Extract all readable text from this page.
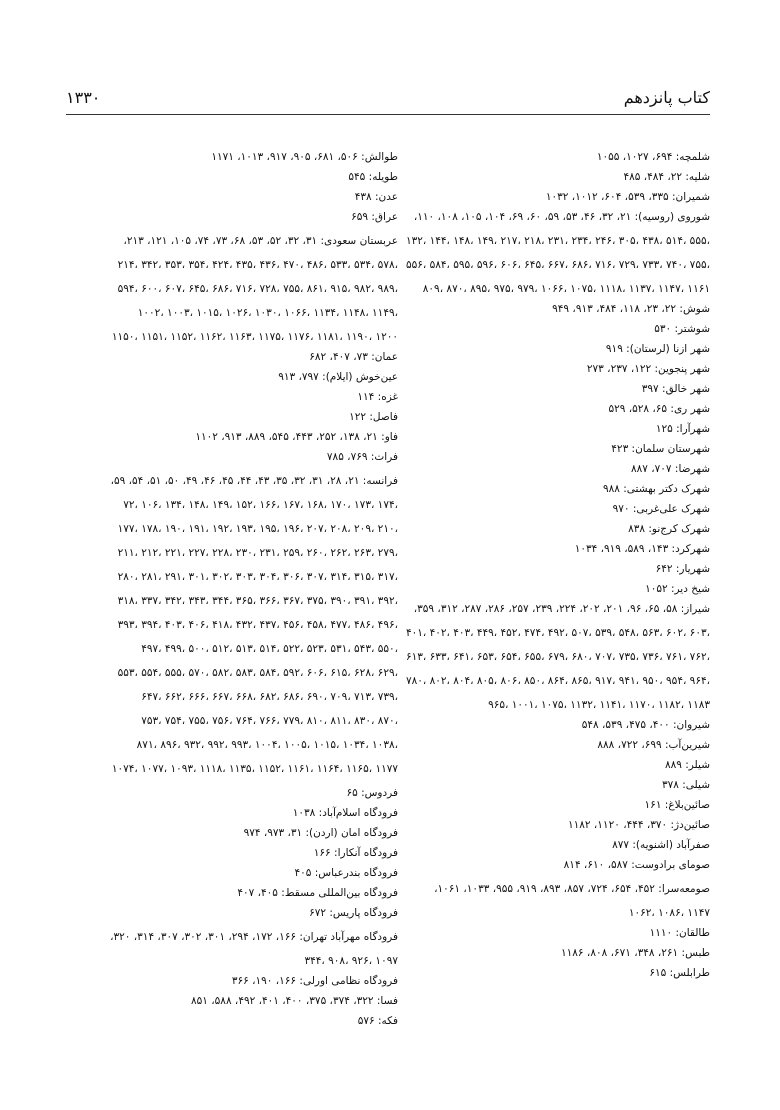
کتاب پانزدهم
۱۳۳۰
شلمچه: ۶۹۴، ۱۰۲۷، ۱۰۵۵
شلیه: ۲۲، ۴۸۴، ۴۸۵
شمیران: ۳۳۵، ۵۳۹، ۶۰۴، ۱۰۱۲، ۱۰۳۲
شوروی (روسیه): ۲۱، ۳۲، ۴۶، ۵۳، ۵۹، ۶۰، ۶۹، ۱۰۴، ۱۰۵، ۱۰۸، ۱۱۰،
۱۳۲، ۱۴۴، ۱۴۸، ۱۴۹، ۲۱۷، ۲۱۸، ۲۳۱، ۲۳۴، ۲۴۶، ۳۰۵، ۴۳۸، ۵۱۴، ۵۵۵،
۵۵۶، ۵۸۴، ۵۹۵، ۵۹۶، ۶۰۶، ۶۴۵، ۶۶۷، ۶۸۶، ۷۱۶، ۷۲۹، ۷۳۳، ۷۴۰، ۷۵۵،
۸۰۹، ۸۷۰، ۸۹۵، ۹۷۵، ۹۷۹، ۱۰۶۶، ۱۰۷۵، ۱۱۱۸، ۱۱۳۷، ۱۱۴۷، ۱۱۶۱
شوش: ۲۲، ۲۳، ۱۱۸، ۴۸۴، ۹۱۳، ۹۴۹
شوشتر: ۵۳۰
شهر ازنا (لرستان): ۹۱۹
شهر پنجوین: ۱۲۲، ۲۳۷، ۲۷۳
شهر خالق: ۳۹۷
شهر ری: ۶۵، ۵۲۸، ۵۲۹
شهرآرا: ۱۲۵
شهرستان سلمان: ۴۲۳
شهرضا: ۷۰۷، ۸۸۷
شهرک دکتر بهشتی: ۹۸۸
شهرک علی‌غربی: ۹۷۰
شهرک کرج‌نو: ۸۳۸
شهرکرد: ۱۴۳، ۵۸۹، ۹۱۹، ۱۰۳۴
شهریار: ۶۴۲
شیخ دیر: ۱۰۵۲
شیراز: ۵۸، ۶۵، ۹۶، ۲۰۱، ۲۰۲، ۲۲۴، ۲۳۹، ۲۵۷، ۲۸۶، ۲۸۷، ۳۱۲، ۳۵۹،
۴۰۱، ۴۰۲، ۴۰۳، ۴۴۹، ۴۵۲، ۴۷۴، ۴۹۲، ۵۰۷، ۵۳۹، ۵۴۸، ۵۶۳، ۶۰۲، ۶۰۳،
۶۱۳، ۶۳۳، ۶۴۱، ۶۵۳، ۶۵۴، ۶۵۵، ۶۷۹، ۶۸۰، ۷۰۷، ۷۳۵، ۷۳۶، ۷۶۱، ۷۶۲،
۷۸۰، ۸۰۲، ۸۰۴، ۸۰۵، ۸۰۶، ۸۵۰، ۸۶۴، ۸۶۵، ۹۱۷، ۹۴۱، ۹۵۰، ۹۵۴، ۹۶۴،
۹۶۵، ۱۰۰۱، ۱۰۷۵، ۱۱۳۲، ۱۱۴۱، ۱۱۷۰، ۱۱۸۲، ۱۱۸۳
شیروان: ۴۰۰، ۴۷۵، ۵۳۹، ۵۴۸
شیرین‌آب: ۶۹۹، ۷۲۲، ۸۸۸
شیلر: ۸۸۹
شیلی: ۳۷۸
صائین‌بلاغ: ۱۶۱
صائین‌دژ: ۳۷۰، ۴۴۴، ۱۱۲۰، ۱۱۸۲
صفرآباد (اشنویه): ۸۷۷
صومای برادوست: ۵۸۷، ۶۱۰، ۸۱۴
صومعه‌سرا: ۴۵۲، ۶۵۴، ۷۲۴، ۸۵۷، ۸۹۳، ۹۱۹، ۹۵۵، ۱۰۳۳، ۱۰۶۱،
۱۰۶۲، ۱۰۸۶، ۱۱۴۷
طالقان: ۱۱۱۰
طبس: ۲۶۱، ۳۴۸، ۶۷۱، ۸۰۸، ۱۱۸۶
طرابلس: ۶۱۵
طوالش: ۵۰۶، ۶۸۱، ۹۰۵، ۹۱۷، ۱۰۱۳، ۱۱۷۱
طویله: ۵۴۵
عدن: ۴۳۸
عراق: ۶۵۹
عربستان سعودی: ۳۱، ۳۲، ۵۲، ۵۳، ۶۸، ۷۳، ۷۴، ۱۰۵، ۱۲۱، ۲۱۳،
۲۱۴، ۳۴۲، ۳۵۳، ۳۵۴، ۴۲۴، ۴۳۵، ۴۳۶، ۴۷۰، ۴۸۶، ۵۳۳، ۵۳۴، ۵۷۸،
۵۹۴، ۶۰۰، ۶۰۷، ۶۴۵، ۶۸۶، ۷۱۶، ۷۲۸، ۷۵۵، ۸۶۱، ۹۱۵، ۹۸۲، ۹۸۹،
۱۰۰۲، ۱۰۰۳، ۱۰۱۵، ۱۰۲۶، ۱۰۳۰، ۱۰۶۶، ۱۱۳۴، ۱۱۴۸، ۱۱۴۹،
۱۱۵۰، ۱۱۵۱، ۱۱۵۲، ۱۱۶۲، ۱۱۶۳، ۱۱۷۵، ۱۱۷۶، ۱۱۸۱، ۱۱۹۰، ۱۲۰۰
عمان: ۷۳، ۴۰۷، ۶۸۲
عین‌خوش (ایلام): ۷۹۷، ۹۱۳
غزه: ۱۱۴
فاصل: ۱۲۲
فاو: ۲۱، ۱۳۸، ۲۵۲، ۴۴۳، ۵۴۵، ۸۸۹، ۹۱۳، ۱۱۰۲
فرات: ۷۶۹، ۷۸۵
فرانسه: ۲۱، ۲۸، ۳۱، ۳۲، ۳۵، ۴۳، ۴۴، ۴۵، ۴۶، ۴۹، ۵۰، ۵۱، ۵۴، ۵۹،
۷۲، ۱۰۶، ۱۳۴، ۱۴۸، ۱۴۹، ۱۵۲، ۱۶۶، ۱۶۷، ۱۶۸، ۱۷۰، ۱۷۳، ۱۷۴،
۱۷۷، ۱۷۸، ۱۹۰، ۱۹۱، ۱۹۲، ۱۹۳، ۱۹۵، ۱۹۶، ۲۰۷، ۲۰۸، ۲۰۹، ۲۱۰،
۲۱۱، ۲۱۲، ۲۲۱، ۲۲۷، ۲۲۸، ۲۳۰، ۲۳۱، ۲۵۹، ۲۶۰، ۲۶۲، ۲۶۳، ۲۷۹،
۲۸۰، ۲۸۱، ۲۹۱، ۳۰۱، ۳۰۲، ۳۰۳، ۳۰۴، ۳۰۶، ۳۰۷، ۳۱۴، ۳۱۵، ۳۱۷،
۳۱۸، ۳۳۷، ۳۴۲، ۳۴۳، ۳۴۴، ۳۶۵، ۳۶۶، ۳۶۷، ۳۷۵، ۳۹۰، ۳۹۱، ۳۹۲،
۳۹۳، ۳۹۴، ۴۰۳، ۴۰۶، ۴۱۸، ۴۳۲، ۴۳۷، ۴۵۶، ۴۵۸، ۴۷۷، ۴۸۶، ۴۹۶،
۴۹۷، ۴۹۹، ۵۰۰، ۵۱۲، ۵۱۳، ۵۱۴، ۵۲۲، ۵۲۳، ۵۳۱، ۵۴۳، ۵۵۰،
۵۵۳، ۵۵۴، ۵۵۵، ۵۷۰، ۵۸۲، ۵۸۳، ۵۸۴، ۵۹۲، ۶۰۶، ۶۱۵، ۶۲۸، ۶۲۹،
۶۴۷، ۶۶۲، ۶۶۶، ۶۶۷، ۶۶۸، ۶۸۲، ۶۸۶، ۶۹۰، ۷۰۹، ۷۱۳، ۷۳۹،
۷۵۳، ۷۵۴، ۷۵۵، ۷۵۶، ۷۶۴، ۷۶۶، ۷۷۹، ۸۱۰، ۸۱۱، ۸۳۰، ۸۷۰،
۸۷۱، ۸۹۶، ۹۳۲، ۹۹۲، ۹۹۳، ۱۰۰۴، ۱۰۰۵، ۱۰۱۵، ۱۰۳۴، ۱۰۳۸،
۱۰۷۴، ۱۰۷۷، ۱۰۹۳، ۱۱۱۸، ۱۱۳۵، ۱۱۵۲، ۱۱۶۱، ۱۱۶۴، ۱۱۶۵، ۱۱۷۷
فردوس: ۶۵
فرودگاه اسلام‌آباد: ۱۰۳۸
فرودگاه امان (اردن): ۳۱، ۹۷۳، ۹۷۴
فرودگاه آنکارا: ۱۶۶
فرودگاه بندرعباس: ۴۰۵
فرودگاه بین‌المللی مسقط: ۴۰۵، ۴۰۷
فرودگاه پاریس: ۶۷۲
فرودگاه مهرآباد تهران: ۱۶۶، ۱۷۲، ۲۹۴، ۳۰۱، ۳۰۲، ۳۰۷، ۳۱۴، ۳۲۰،
۳۴۴، ۹۰۸، ۹۲۶، ۱۰۹۷
فرودگاه نظامی اورلی: ۱۶۶، ۱۹۰، ۳۶۶
فسا: ۳۲۲، ۳۷۴، ۳۷۵، ۴۰۰، ۴۰۱، ۴۹۲، ۵۸۸، ۸۵۱
فکه: ۵۷۶
